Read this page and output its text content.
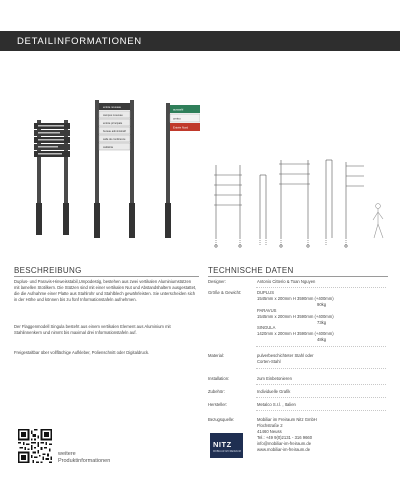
DETAILINFORMATIONEN
entrée nouveau
campus nouveau
entrée principale
bureau administratif
salle de conférence
cafétéria
auswahl
centro
Entrée Nord
BESCHREIBUNG
Duplus- und Paravis-Hinweisstabil,Umpodestig, bestehen aus zwei vertikalen Aluminiumstützen mit lamellen Stotilkern. Die Stützen sind mit einer vertikalen Nut und Abstandshaltern ausgestattet, die die Aufnahme einer Platte aus Stahlrohr und Stahlblech gewährleisten. Sie unterscheiden sich in der Höhe und können bis zu fünf Informationstafeln aufnehmen.
Der Flaggenmodell Singula besteht aus einem vertikalen Element aus Aluminium mit Stahlinnenkern und nimmt bis maximal drei Informationstafeln auf.
Freigestaltbar über vollflächige Aufkleber, Polienschnitt oder Digitaldruck.
TECHNISCHE DATEN
Designer:	Antonio Citterio & Toan Nguyen
Größe & Gewicht:	DUPLUS
1545mm x 200mm H 3590mm (+400mm)
90kg
PARAVUS
1545mm x 200mm H 3590mm (+400mm)
73kg
SINGULA
1420mm x 200mm H 3590mm (+400mm)
48kg
Material:	pulverbeschichteter Stahl oder Corten-Stahl
Installation:	zum Einbetonieren
Zubehör:	Individuelle Grafik
Hersteller:	Metalco S.r.l. , Italien
Bezugsquelle:	Mobiliar im Freiraum Nitz GmbH
Flochstraße 2
41460 Neuss
Tel.: +49 9(0)2131 - 316 9660
info@mobiliar-im-freiraum.de
www.mobiliar-im-freiraum.de
NITZ
MOBILIAR IM FREIRAUM
weitere
Produktinformationen
